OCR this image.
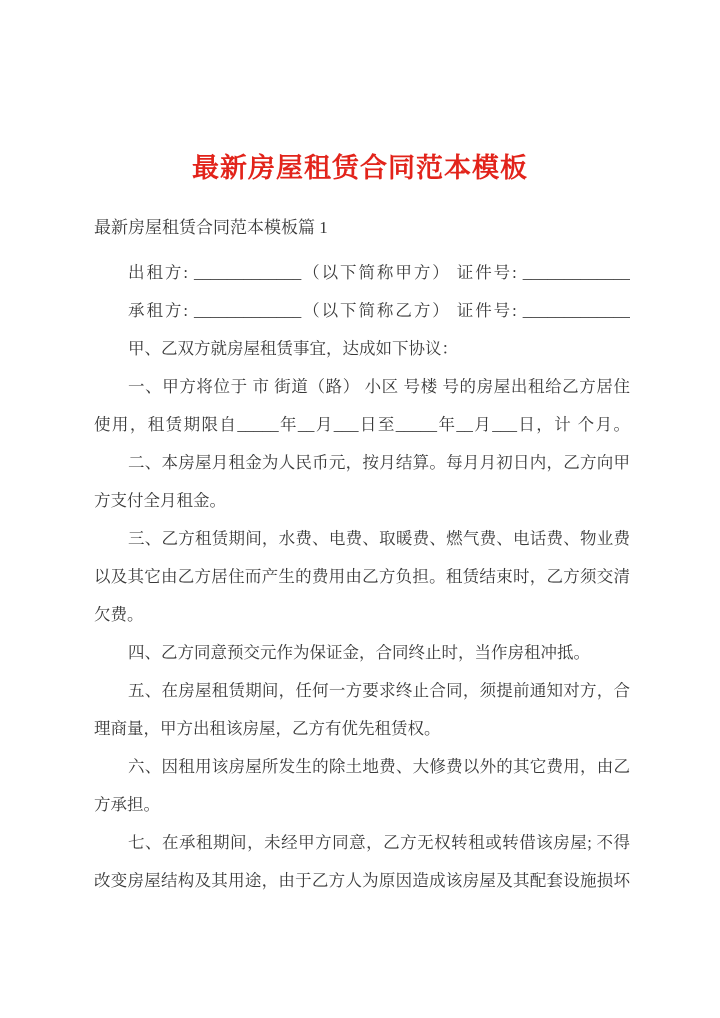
最新房屋租赁合同范本模板

最新房屋租赁合同范本模板篇 1

出租方: _____________（以下简称甲方） 证件号: _____________
承租方: _____________（以下简称乙方） 证件号: _____________
甲、乙双方就房屋租赁事宜，达成如下协议：
一、甲方将位于 市 街道（路） 小区 号楼 号的房屋出租给乙方居住
使用，租赁期限自_____年__月___日至_____年__月___日，计 个月。
二、本房屋月租金为人民币元，按月结算。每月月初日内，乙方向甲
方支付全月租金。
三、乙方租赁期间，水费、电费、取暖费、燃气费、电话费、物业费
以及其它由乙方居住而产生的费用由乙方负担。租赁结束时，乙方须交清
欠费。
四、乙方同意预交元作为保证金，合同终止时，当作房租冲抵。
五、在房屋租赁期间，任何一方要求终止合同，须提前通知对方，合
理商量，甲方出租该房屋，乙方有优先租赁权。
六、因租用该房屋所发生的除土地费、大修费以外的其它费用，由乙
方承担。
七、在承租期间，未经甲方同意，乙方无权转租或转借该房屋; 不得
改变房屋结构及其用途，由于乙方人为原因造成该房屋及其配套设施损坏
